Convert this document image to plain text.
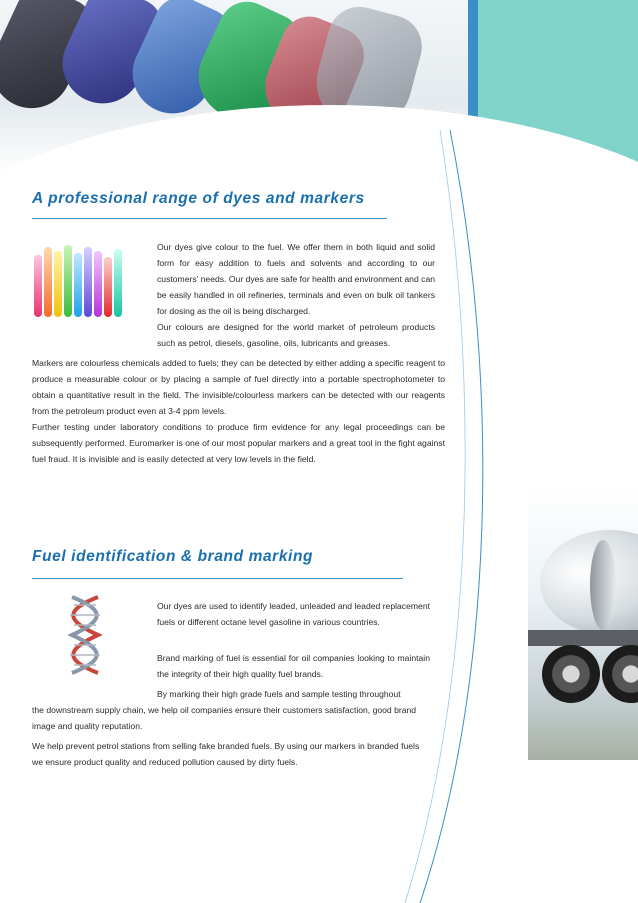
A professional range of dyes and markers

Our dyes give colour to the fuel. We offer them in both liquid and solid form for easy addition to fuels and solvents and according to our customers’ needs. Our dyes are safe for health and environment and can be easily handled in oil refineries, terminals and even on bulk oil tankers for dosing as the oil is being discharged.

Our colours are designed for the world market of petroleum products such as petrol, diesels, gasoline, oils, lubricants and greases.

Markers are colourless chemicals added to fuels; they can be detected by either adding a specific reagent to produce a measurable colour or by placing a sample of fuel directly into a portable spectrophotometer to obtain a quantitative result in the field. The invisible/colourless markers can be detected with our reagents from the petroleum product even at 3-4 ppm levels.

Further testing under laboratory conditions to produce firm evidence for any legal proceedings can be subsequently performed. Euromarker is one of our most popular markers and a great tool in the fight against fuel fraud. It is invisible and is easily detected at very low levels in the field.

Fuel identification & brand marking

Our dyes are used to identify leaded, unleaded and leaded replacement fuels or different octane level gasoline in various countries.

Brand marking of fuel is essential for oil companies looking to maintain the integrity of their high quality fuel brands.

By marking their high grade fuels and sample testing throughout

the downstream supply chain, we help oil companies ensure their customers satisfaction, good brand image and quality reputation.

We help prevent petrol stations from selling fake branded fuels. By using our markers in branded fuels we ensure product quality and reduced pollution caused by dirty fuels.
